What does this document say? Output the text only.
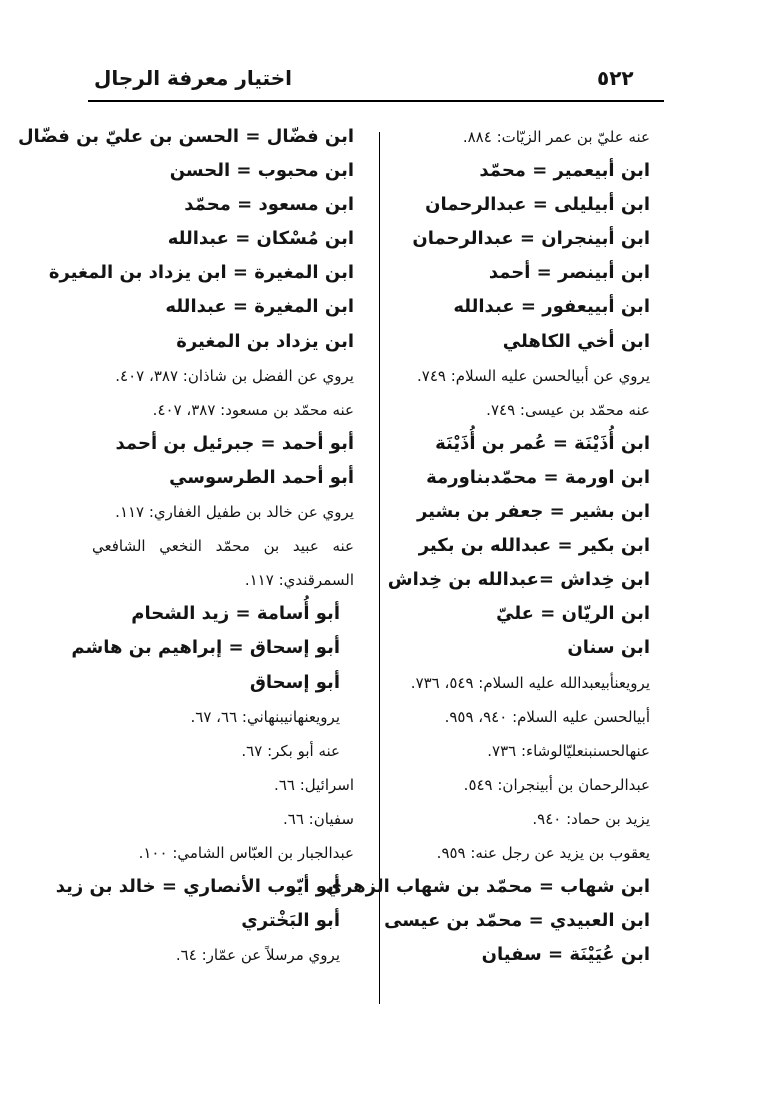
٥٢٢
اختيار معرفة الرجال
عنه عليّ بن عمر الزيّات: ٨٨٤.
ابن أبيعمير = محمّد
ابن أبيليلى = عبدالرحمان
ابن أبينجران = عبدالرحمان
ابن أبينصر = أحمد
ابن أبييعفور = عبدالله
ابن أخي الكاهلي
يروي عن أبيالحسن عليه السلام: ٧٤٩.
عنه محمّد بن عيسى: ٧٤٩.
ابن أُذَيْنَة = عُمر بن أُذَيْنَة
ابن اورمة = محمّدبناورمة
ابن بشير = جعفر بن بشير
ابن بكير = عبدالله بن بكير
ابن خِداش =عبدالله بن خِداش
ابن الريّان = عليّ
ابن سنان
يرويعنأبيعبدالله عليه السلام: ٥٤٩، ٧٣٦.
أبيالحسن عليه السلام: ٩٤٠، ٩٥٩.
عنهالحسنبنعليّالوشاء: ٧٣٦.
عبدالرحمان بن أبينجران: ٥٤٩.
يزيد بن حماد: ٩٤٠.
يعقوب بن يزيد عن رجل عنه: ٩٥٩.
ابن شهاب = محمّد بن شهاب الزهري
ابن العبيدي = محمّد بن عيسى
ابن عُيَيْنَة = سفيان
ابن فضّال = الحسن بن عليّ بن فضّال
ابن محبوب = الحسن
ابن مسعود = محمّد
ابن مُسْكان = عبدالله
ابن المغيرة = ابن يزداد بن المغيرة
ابن المغيرة = عبدالله
ابن يزداد بن المغيرة
يروي عن الفضل بن شاذان: ٣٨٧، ٤٠٧.
عنه محمّد بن مسعود: ٣٨٧، ٤٠٧.
أبو أحمد = جبرئيل بن أحمد
أبو أحمد الطرسوسي
يروي عن خالد بن طفيل الغفاري: ١١٧.
عنه عبيد بن محمّد النخعي الشافعي
السمرقندي: ١١٧.
أبو أُسامة = زيد الشحام
أبو إسحاق = إبراهيم بن هاشم
أبو إسحاق
يرويعنهانيبنهاني: ٦٦، ٦٧.
عنه أبو بكر: ٦٧.
اسرائيل: ٦٦.
سفيان: ٦٦.
عبدالجبار بن العبّاس الشامي: ١٠٠.
أبو أيّوب الأنصاري = خالد بن زيد
أبو البَخْتري
يروي مرسلاً عن عمّار: ٦٤.
